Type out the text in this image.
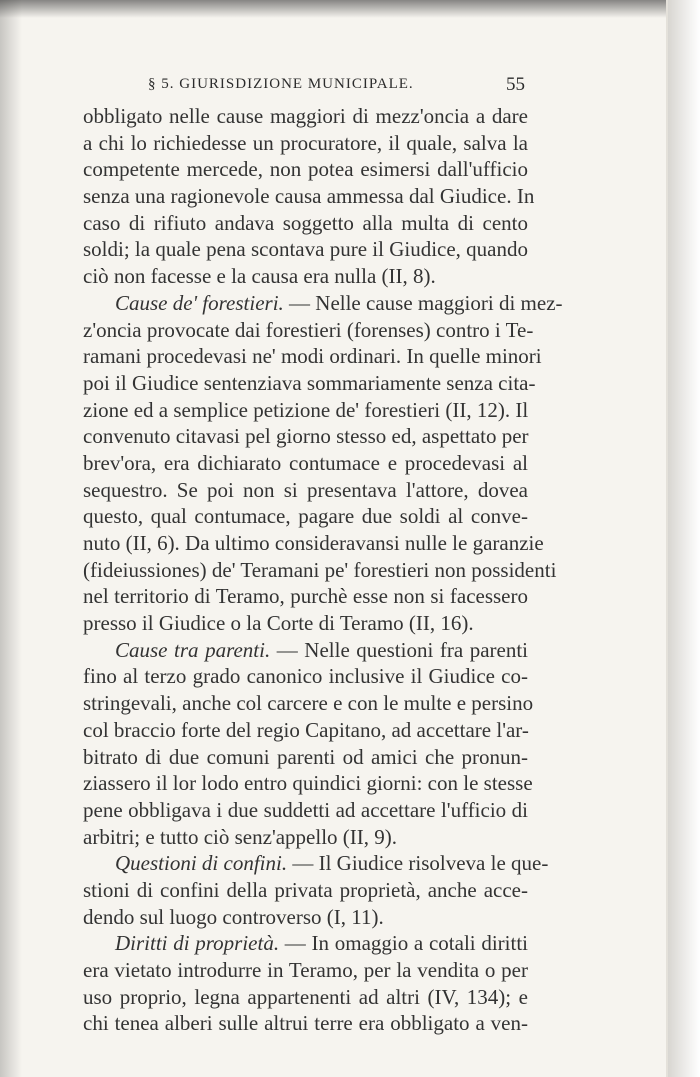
§ 5. GIURISDIZIONE MUNICIPALE.	55
obbligato nelle cause maggiori di mezz'oncia a dare
a chi lo richiedesse un procuratore, il quale, salva la
competente mercede, non potea esimersi dall'ufficio
senza una ragionevole causa ammessa dal Giudice. In
caso di rifiuto andava soggetto alla multa di cento
soldi; la quale pena scontava pure il Giudice, quando
ciò non facesse e la causa era nulla (II, 8).
Cause de' forestieri. — Nelle cause maggiori di mez-
z'oncia provocate dai forestieri (forenses) contro i Te-
ramani procedevasi ne' modi ordinari. In quelle minori
poi il Giudice sentenziava sommariamente senza cita-
zione ed a semplice petizione de' forestieri (II, 12). Il
convenuto citavasi pel giorno stesso ed, aspettato per
brev'ora, era dichiarato contumace e procedevasi al
sequestro. Se poi non si presentava l'attore, dovea
questo, qual contumace, pagare due soldi al conve-
nuto (II, 6). Da ultimo consideravansi nulle le garanzie
(fideiussiones) de' Teramani pe' forestieri non possidenti
nel territorio di Teramo, purchè esse non si facessero
presso il Giudice o la Corte di Teramo (II, 16).
Cause tra parenti. — Nelle questioni fra parenti
fino al terzo grado canonico inclusive il Giudice co-
stringevali, anche col carcere e con le multe e persino
col braccio forte del regio Capitano, ad accettare l'ar-
bitrato di due comuni parenti od amici che pronun-
ziassero il lor lodo entro quindici giorni: con le stesse
pene obbligava i due suddetti ad accettare l'ufficio di
arbitri; e tutto ciò senz'appello (II, 9).
Questioni di confini. — Il Giudice risolveva le que-
stioni di confini della privata proprietà, anche acce-
dendo sul luogo controverso (I, 11).
Diritti di proprietà. — In omaggio a cotali diritti
era vietato introdurre in Teramo, per la vendita o per
uso proprio, legna appartenenti ad altri (IV, 134); e
chi tenea alberi sulle altrui terre era obbligato a ven-
